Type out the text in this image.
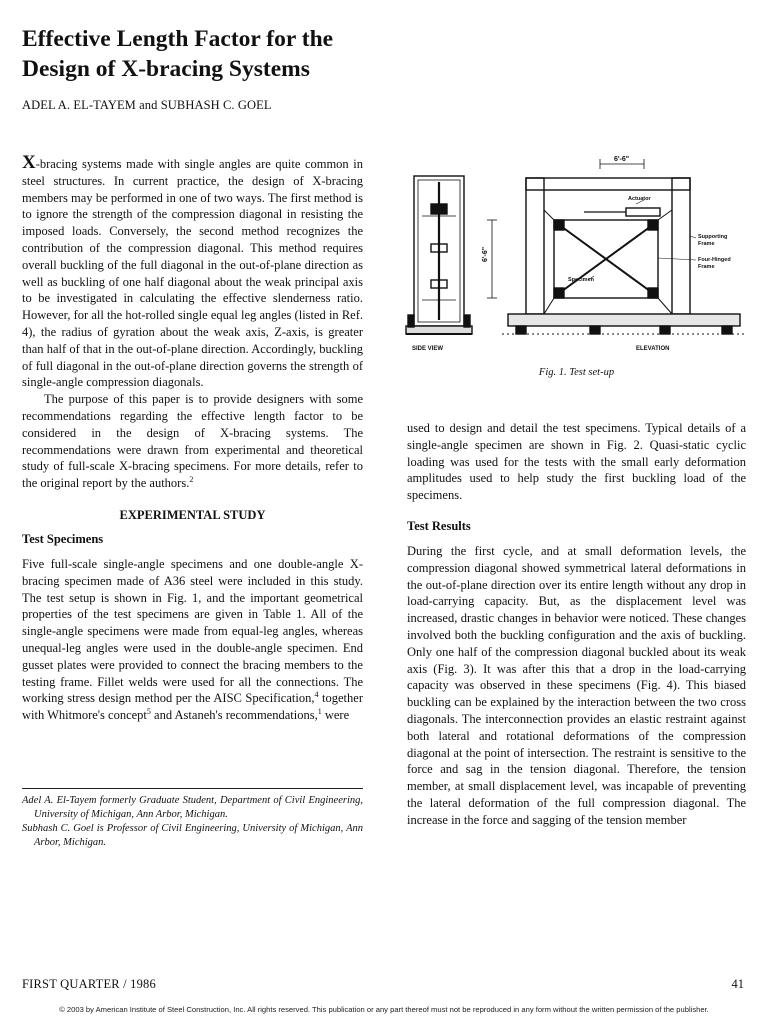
Effective Length Factor for the
Design of X-bracing Systems
ADEL A. EL-TAYEM and SUBHASH C. GOEL

X-bracing systems made with single angles are quite common in steel structures. In current practice, the design of X-bracing members may be performed in one of two ways. The first method is to ignore the strength of the compression diagonal in resisting the imposed loads. Conversely, the second method recognizes the contribution of the compression diagonal. This method requires overall buckling of the full diagonal in the out-of-plane direction as well as buckling of one half diagonal about the weak principal axis to be investigated in calculating the effective slenderness ratio. However, for all the hot-rolled single equal leg angles (listed in Ref. 4), the radius of gyration about the weak axis, Z-axis, is greater than half of that in the out-of-plane direction. Accordingly, buckling of full diagonal in the out-of-plane direction governs the strength of single-angle compression diagonals.

The purpose of this paper is to provide designers with some recommendations regarding the effective length factor to be considered in the design of X-bracing systems. The recommendations were drawn from experimental and theoretical study of full-scale X-bracing specimens. For more details, refer to the original report by the authors.$^2$

EXPERIMENTAL STUDY

Test Specimens

Five full-scale single-angle specimens and one double-angle X-bracing specimen made of A36 steel were included in this study. The test setup is shown in Fig. 1, and the important geometrical properties of the test specimens are given in Table 1. All of the single-angle specimens were made from equal-leg angles, whereas unequal-leg angles were used in the double-angle specimen. End gusset plates were provided to connect the bracing members to the testing frame. Fillet welds were used for all the connections. The working stress design method per the AISC Specification,$^4$ together with Whitmore's concept$^5$ and Astaneh's recommendations,$^1$ were

Adel A. El-Tayem formerly Graduate Student, Department of Civil Engineering, University of Michigan, Ann Arbor, Michigan.

Subhash C. Goel is Professor of Civil Engineering, University of Michigan, Ann Arbor, Michigan.

Actuator
Supporting
Frame
Four-Hinged
Frame
Specimen
6'-6"
6'-6"
SIDE VIEW	ELEVATION
Fig. 1. Test set-up

used to design and detail the test specimens. Typical details of a single-angle specimen are shown in Fig. 2. Quasi-static cyclic loading was used for the tests with the small early deformation amplitudes used to help study the first buckling load of the specimens.

Test Results

During the first cycle, and at small deformation levels, the compression diagonal showed symmetrical lateral deformations in the out-of-plane direction over its entire length without any drop in load-carrying capacity. But, as the displacement level was increased, drastic changes in behavior were noticed. These changes involved both the buckling configuration and the axis of buckling. Only one half of the compression diagonal buckled about its weak axis (Fig. 3). It was after this that a drop in the load-carrying capacity was observed in these specimens (Fig. 4). This biased buckling can be explained by the interaction between the two cross diagonals. The interconnection provides an elastic restraint against both lateral and rotational deformations of the compression diagonal at the point of intersection. The restraint is sensitive to the force and sag in the tension diagonal. Therefore, the tension member, at small displacement level, was incapable of preventing the lateral deformation of the full compression diagonal. The increase in the force and sagging of the tension member

FIRST QUARTER / 1986	41
© 2003 by American Institute of Steel Construction, Inc. All rights reserved. This publication or any part thereof must not be reproduced in any form without the written permission of the publisher.
